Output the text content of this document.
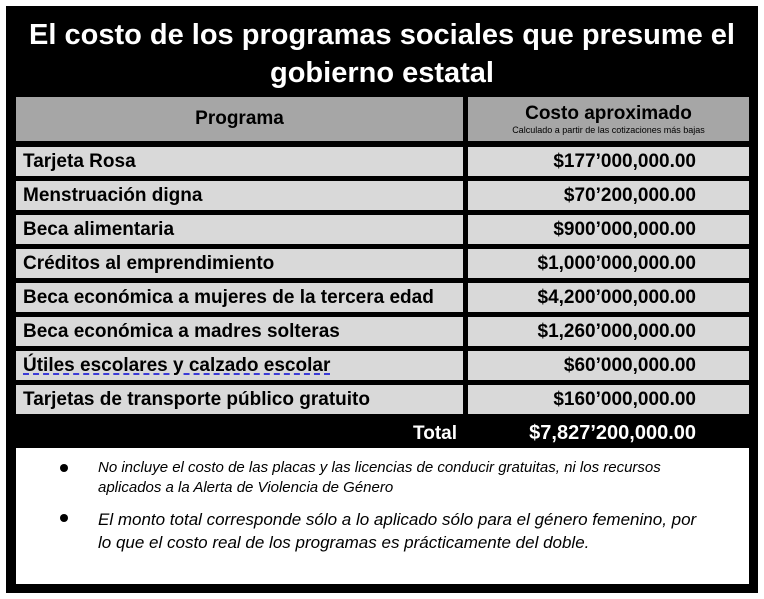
El costo de los programas sociales que presume el gobierno estatal
Programa	Costo aproximado
Calculado a partir de las cotizaciones más bajas
Tarjeta Rosa	$177’000,000.00
Menstruación digna	$70’200,000.00
Beca alimentaria	$900’000,000.00
Créditos al emprendimiento	$1,000’000,000.00
Beca económica a mujeres de la tercera edad	$4,200’000,000.00
Beca económica a madres solteras	$1,260’000,000.00
Útiles escolares y calzado escolar	$60’000,000.00
Tarjetas de transporte público gratuito	$160’000,000.00
Total	$7,827’200,000.00
No incluye el costo de las placas y las licencias de conducir gratuitas, ni los recursos aplicados a la Alerta de Violencia de Género
El monto total corresponde sólo a lo aplicado sólo para el género femenino, por lo que el costo real de los programas es prácticamente del doble.
